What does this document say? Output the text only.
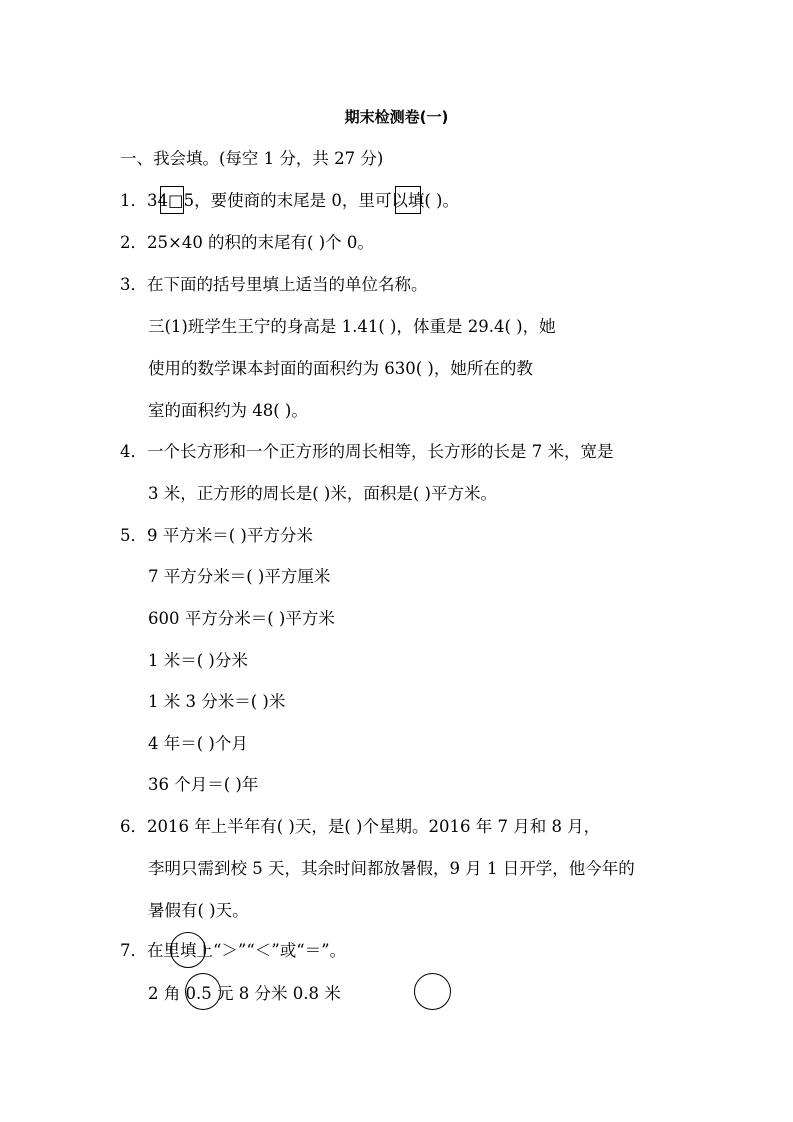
期末检测卷(一)
一、我会填。(每空 1 分，共 27 分)
1．34□5，要使商的末尾是 0，里可以填( )。
2．25×40 的积的末尾有( )个 0。
3．在下面的括号里填上适当的单位名称。
三(1)班学生王宁的身高是 1.41( )，体重是 29.4( )，她
使用的数学课本封面的面积约为 630( )，她所在的教
室的面积约为 48( )。
4．一个长方形和一个正方形的周长相等，长方形的长是 7 米，宽是
3 米，正方形的周长是( )米，面积是( )平方米。
5．9 平方米＝( )平方分米
7 平方分米＝( )平方厘米
600 平方分米＝( )平方米
1 米＝( )分米
1 米 3 分米＝( )米
4 年＝( )个月
36 个月＝( )年
6．2016 年上半年有( )天，是( )个星期。2016 年 7 月和 8 月，
李明只需到校 5 天，其余时间都放暑假，9 月 1 日开学，他今年的
暑假有( )天。
7．在里填上“＞”“＜”或“＝”。
2 角 0.5 元 8 分米 0.8 米
